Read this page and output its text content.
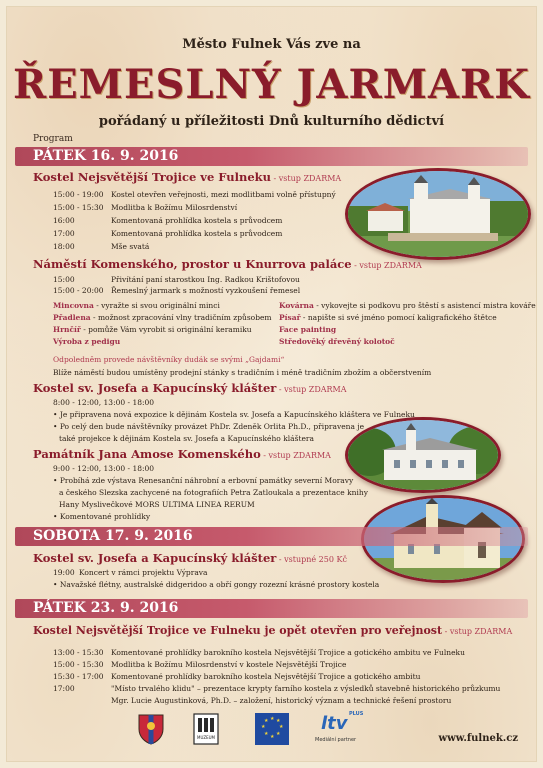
Město Fulnek Vás zve na
ŘEMESLNÝ JARMARK
pořádaný u příležitosti Dnů kulturního dědictví
Program
PÁTEK 16. 9. 2016
Kostel Nejsvětější Trojice ve Fulneku - vstup ZDARMA
15:00 - 19:00 Kostel otevřen veřejnosti, mezi modlitbami volně přístupný
15:00 - 15:30 Modlitba k Božímu Milosrdenství
16:00	Komentovaná prohlídka kostela s průvodcem
17:00	Komentovaná prohlídka kostela s průvodcem
18:00	Mše svatá
Náměstí Komenského, prostor u Knurrova paláce - vstup ZDARMA
15:00	Přivítání paní starostkou Ing. Radkou Krištofovou
15:00 - 20:00 Řemeslný jarmark s možností vyzkoušení řemesel
Mincovna - vyražte si svou originální minci
Přadlena - možnost zpracování vlny tradičním způsobem
Hrnčíř - pomůže Vám vyrobit si originální keramiku
Výroba z pedigu
Kovárna - vykovejte si podkovu pro štěstí s asistencí mistra kováře
Písař - napište si své jméno pomocí kaligrafického štětce
Face painting
Středověký dřevěný kolotoč
Odpoledněm provede návštěvníky dudák se svými „Gajdami“
Blíže náměstí budou umístěny prodejní stánky s tradičním i méně tradičním zbožím a občerstvením
Kostel sv. Josefa a Kapucínský klášter - vstup ZDARMA
8:00 - 12:00, 13:00 - 18:00
• Je připravena nová expozice k dějinám Kostela sv. Josefa a Kapucínského kláštera ve Fulneku
• Po celý den bude návštěvníky provázet PhDr. Zdeněk Orlita Ph.D., připravena je
také projekce k dějinám Kostela sv. Josefa a Kapucínského kláštera
Památník Jana Amose Komenského - vstup ZDARMA
9:00 - 12:00, 13:00 - 18:00
• Probíhá zde výstava Renesanční náhrobní a erbovní památky severní Moravy
a českého Slezska zachycené na fotografiích Petra Zatloukala a prezentace knihy
Hany Myslivečkové MORS ULTIMA LINEA RERUM
• Komentované prohlídky
SOBOTA 17. 9. 2016
Kostel sv. Josefa a Kapucínský klášter - vstupné 250 Kč
19:00 Koncert v rámci projektu Výprava
• Navažské flétny, australské didgeridoo a obří gongy rozezní krásné prostory kostela
PÁTEK 23. 9. 2016
Kostel Nejsvětější Trojice ve Fulneku je opět otevřen pro veřejnost - vstup ZDARMA
13:00 - 15:30 Komentované prohlídky barokního kostela Nejsvětější Trojice a gotického ambitu ve Fulneku
15:00 - 15:30 Modlitba k Božímu Milosrdenství v kostele Nejsvětější Trojice
15:30 - 17:00 Komentované prohlídky barokního kostela Nejsvětější Trojice a gotického ambitu
17:00	"Místo trvalého klidu" – prezentace krypty farního kostela z výsledků stavebně historického průzkumu
Mgr. Lucie Augustinková, Ph.D. – založení, historický význam a technické řešení prostoru
MUZEUM
★ ★
★
★
★
★
★
★	ltv PLUS
Mediální partner	www.fulnek.cz
